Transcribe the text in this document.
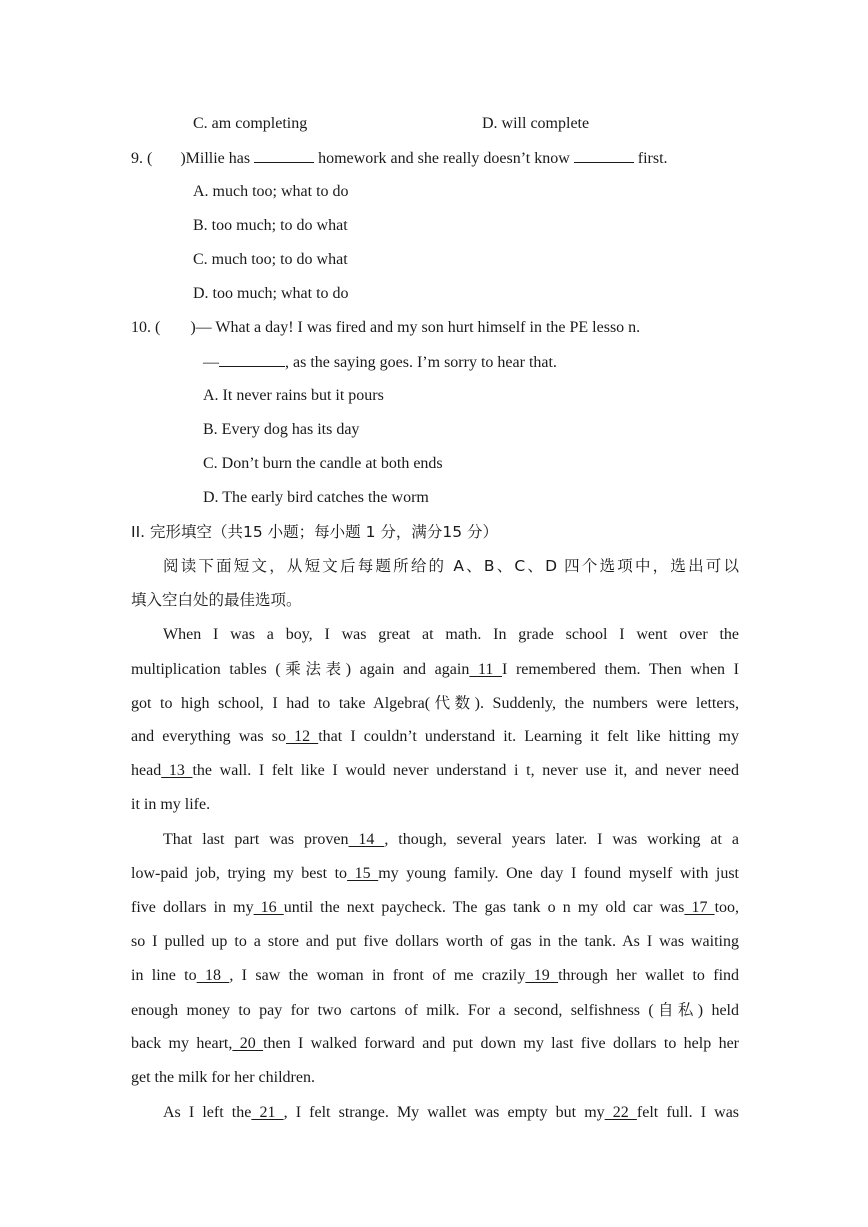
C. am completing	D. will complete
9. ( )Millie has	homework and she really doesn’t know	first.
A. much too; what to do
B. too much; to do what
C. much too; to do what
D. too much; what to do
10. ( )— What a day! I was fired and my son hurt himself in the PE lesso n.
—	, as the saying goes. I’m sorry to hear that.
A. It never rains but it pours
B. Every dog has its day
C. Don’t burn the candle at both ends
D. The early bird catches the worm
II. 完形填空（共15 小题；每小题 1 分，满分15 分）
阅读下面短文，从短文后每题所给的 A、B、C、D 四个选项中，选出可以
填入空白处的最佳选项。
When I was a boy, I was great at math. In grade school I went over the
multiplication tables (乘法表) again and again 11 I remembered them. Then when I
got to high school, I had to take Algebra(代数). Suddenly, the numbers were letters,
and everything was so 12 that I couldn’t understand it. Learning it felt like hitting my
head 13 the wall. I felt like I would never understand i t, never use it, and never need
it in my life.
That last part was proven 14 , though, several years later. I was working at a
low-paid job, trying my best to 15 my young family. One day I found myself with just
five dollars in my 16 until the next paycheck. The gas tank o n my old car was 17 too,
so I pulled up to a store and put five dollars worth of gas in the tank. As I was waiting
in line to 18 , I saw the woman in front of me crazily 19 through her wallet to find
enough money to pay for two cartons of milk. For a second, selfishness (自私) held
back my heart, 20 then I walked forward and put down my last five dollars to help her
get the milk for her children.
As I left the 21 , I felt strange. My wallet was empty but my 22 felt full. I was
